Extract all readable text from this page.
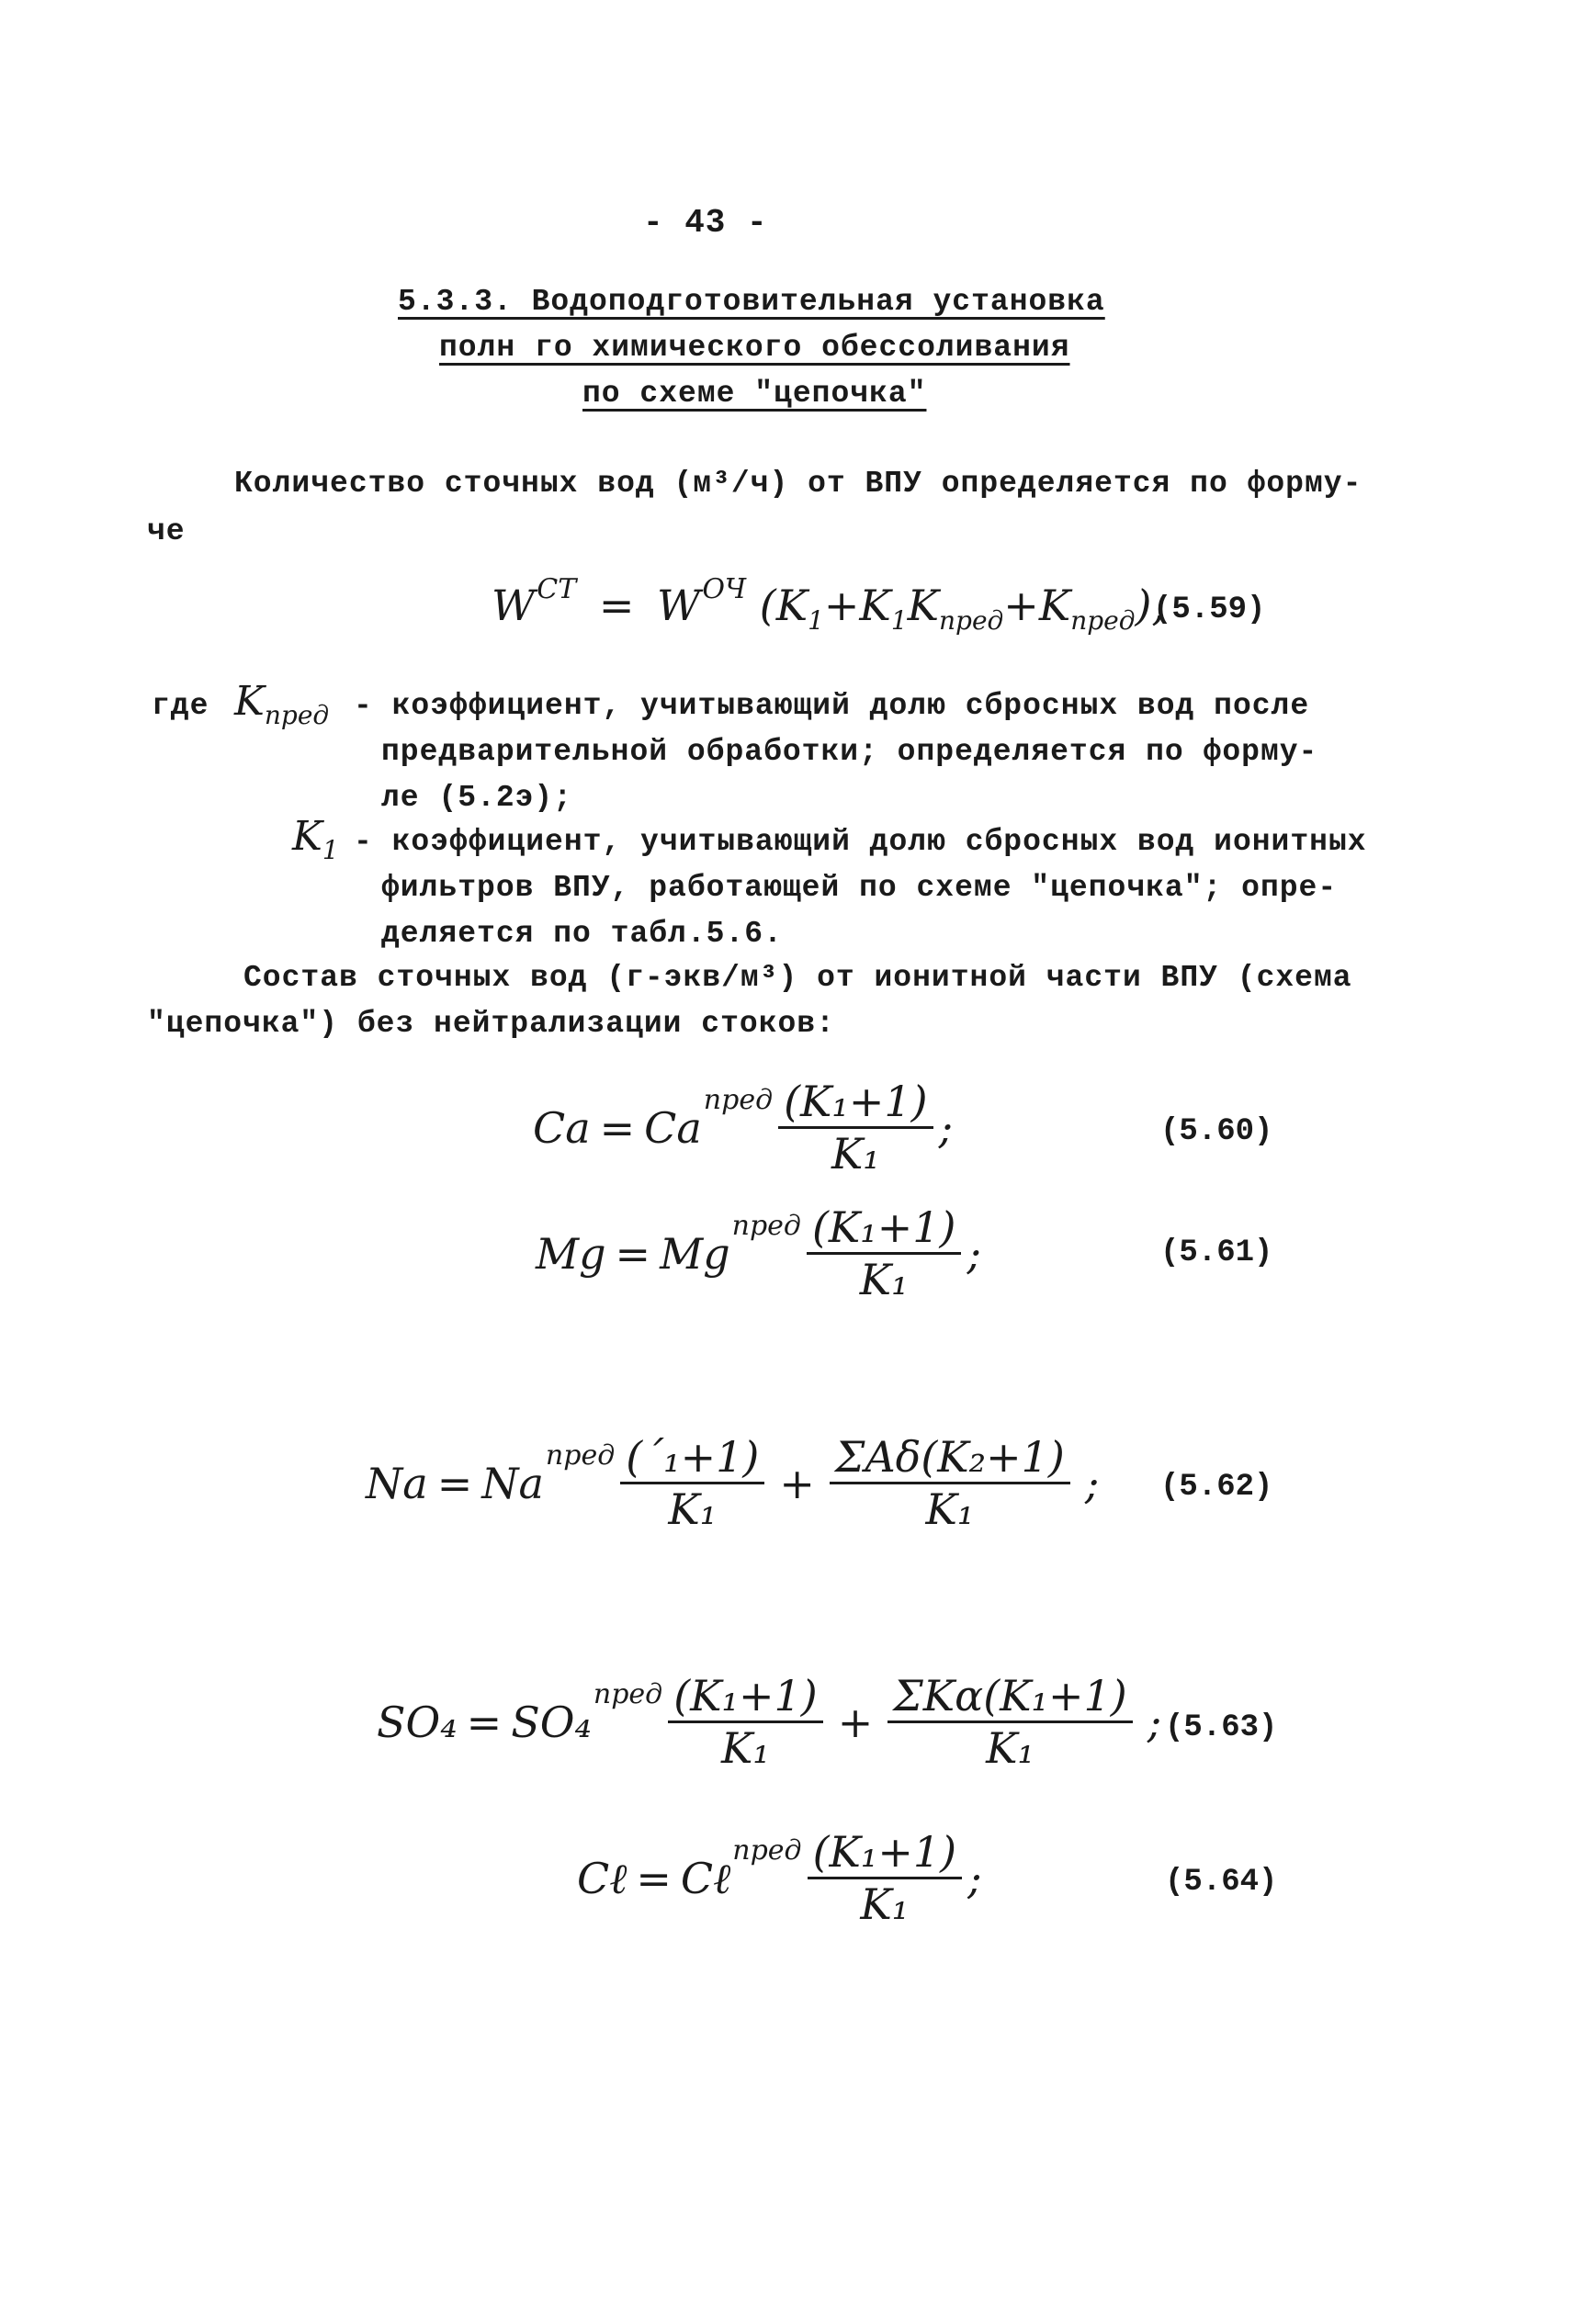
- 43 -
5.3.3. Водоподготовительная установка
полн го химического обессоливания
по схеме "цепочка"
Количество сточных вод (м³/ч) от ВПУ определяется по форму-
че
$W^{СТ} = W^{ОЧ}$ $(K_1+K_1K_{пред}+K_{пред})$,
(5.59)
где $K_{пред}$ - коэффициент, учитывающий долю сбросных вод после
предварительной обработки; определяется по форму-
ле (5.2э);
$K_1$ - коэффициент, учитывающий долю сбросных вод ионитных
фильтров ВПУ, работающей по схеме "цепочка"; опре-
деляется по табл.5.6.
Состав сточных вод (г-экв/м³) от ионитной части ВПУ (схема
"цепочка") без нейтрализации стоков:
Ca = Ca
$^{пред} \frac{\text{(K₁+1)}}{\text{K₁}}$ ;	(5.60)
Mg = Mg
$^{пред} \frac{\text{(K₁+1)}}{\text{K₁}}$ ;	(5.61)
Na = Na
$^{пред} \frac{\text{(´₁+1)}}{\text{K₁}} + \frac{\text{ΣAδ(K₂+1)}}{\text{K₁}}$ ; (5.62)
SO₄ = SO₄
$^{пред} \frac{\text{(K₁+1)}}{\text{K₁}} + \frac{\text{ΣKα(K₁+1)}}{\text{K₁}}$ ; (5.63)
Cℓ = Cℓ
$^{пред} \frac{\text{(K₁+1)}}{\text{K₁}}$ ;	(5.64)
